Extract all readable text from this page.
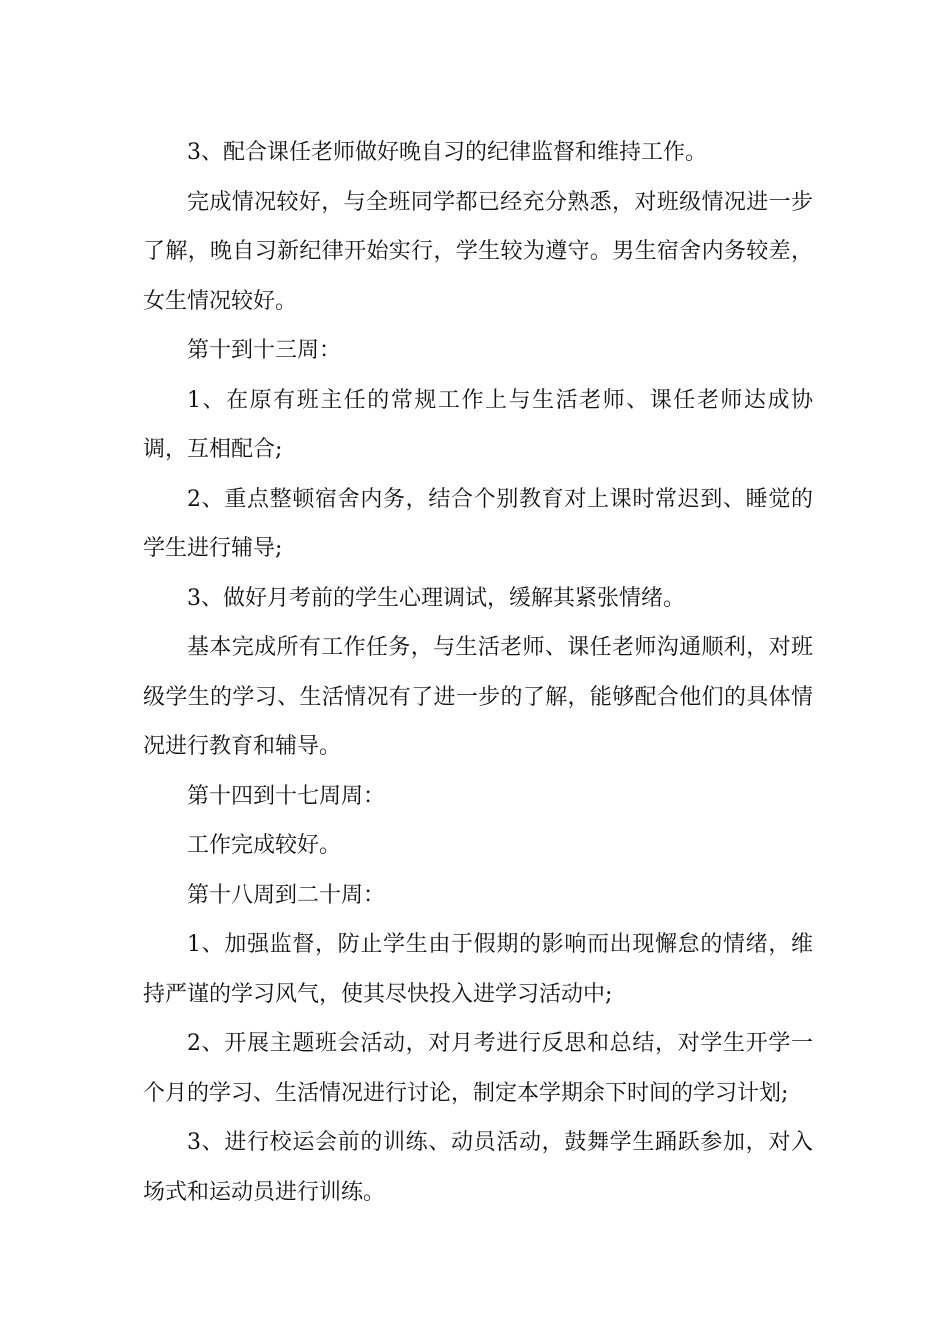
3、配合课任老师做好晚自习的纪律监督和维持工作。

完成情况较好，与全班同学都已经充分熟悉，对班级情况进一步了解，晚自习新纪律开始实行，学生较为遵守。男生宿舍内务较差，女生情况较好。

第十到十三周：

1、在原有班主任的常规工作上与生活老师、课任老师达成协调，互相配合;

2、重点整顿宿舍内务，结合个别教育对上课时常迟到、睡觉的学生进行辅导;

3、做好月考前的学生心理调试，缓解其紧张情绪。

基本完成所有工作任务，与生活老师、课任老师沟通顺利，对班级学生的学习、生活情况有了进一步的了解，能够配合他们的具体情况进行教育和辅导。

第十四到十七周周：

工作完成较好。

第十八周到二十周：

1、加强监督，防止学生由于假期的影响而出现懈怠的情绪，维持严谨的学习风气，使其尽快投入进学习活动中;

2、开展主题班会活动，对月考进行反思和总结，对学生开学一个月的学习、生活情况进行讨论，制定本学期余下时间的学习计划;

3、进行校运会前的训练、动员活动，鼓舞学生踊跃参加，对入场式和运动员进行训练。
